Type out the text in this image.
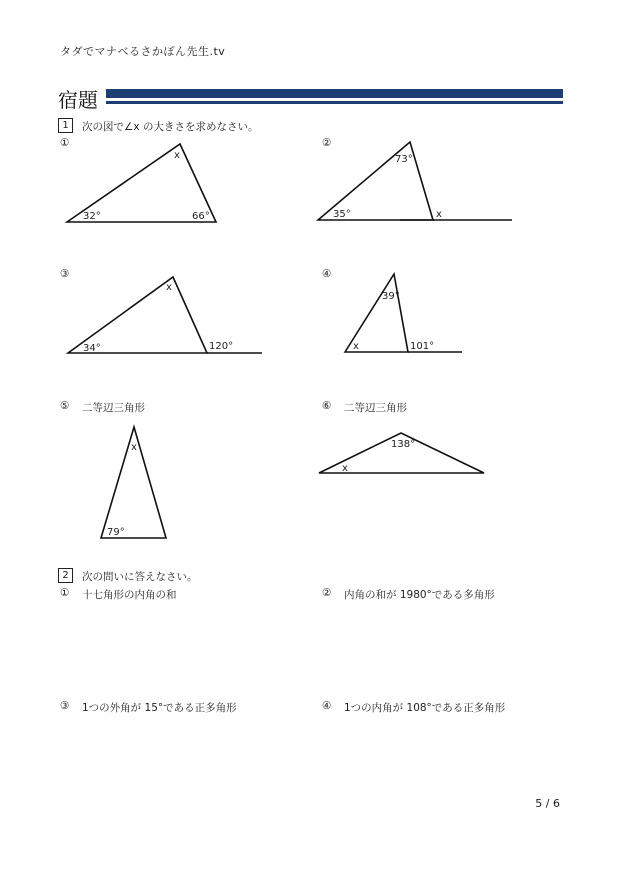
タダでマナベるさかぽん先生.tv
宿題
1	次の図で∠x の大きさを求めなさい。
①
x
32°	66°
73°
35°	x
x
34°	120°
39°
x	101°
x
79°
138°
x
②
③	④
⑤ 二等辺三角形	⑥ 二等辺三角形
2	次の問いに答えなさい。
① 十七角形の内角の和	② 内角の和が 1980°である多角形
③ 1つの外角が 15°である正多角形	④ 1つの内角が 108°である正多角形
5 / 6
